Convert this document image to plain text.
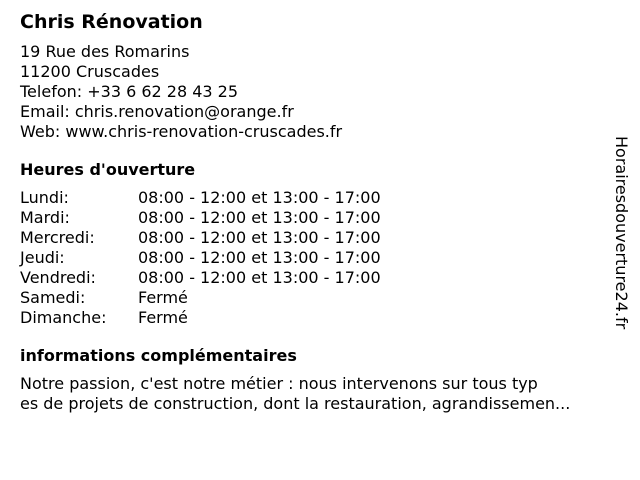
Chris Rénovation
19 Rue des Romarins
11200 Cruscades
Telefon: +33 6 62 28 43 25
Email: chris.renovation@orange.fr
Web: www.chris-renovation-cruscades.fr
Heures d'ouverture
Lundi:	08:00 - 12:00 et 13:00 - 17:00
Mardi:	08:00 - 12:00 et 13:00 - 17:00
Mercredi:	08:00 - 12:00 et 13:00 - 17:00
Jeudi:	08:00 - 12:00 et 13:00 - 17:00
Vendredi:	08:00 - 12:00 et 13:00 - 17:00
Samedi:	Fermé
Dimanche:	Fermé
informations complémentaires
Notre passion, c'est notre métier : nous intervenons sur tous typ
es de projets de construction, dont la restauration, agrandissemen...
Horairesdouverture24.fr
